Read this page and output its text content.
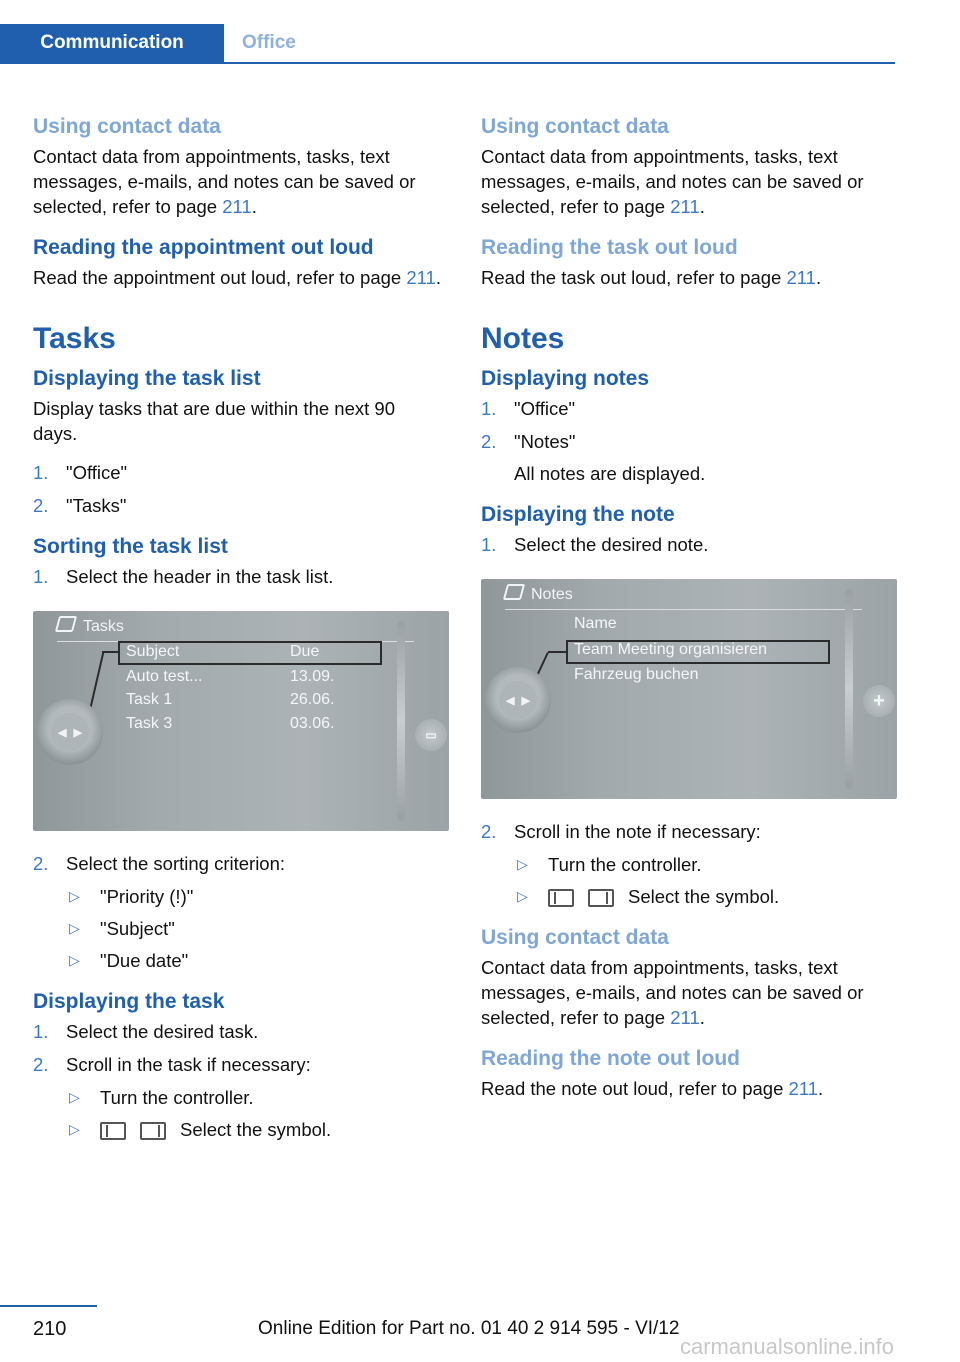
Communication	Office
Using contact data

Contact data from appointments, tasks, text messages, e-mails, and notes can be saved or selected, refer to page 211.

Reading the appointment out loud

Read the appointment out loud, refer to page 211.

Tasks
Displaying the task list

Display tasks that are due within the next 90 days.

1. "Office"
2. "Tasks"
Sorting the task list
1. Select the header in the task list.
Tasks
Subject	Due
Auto test...	13.09.
Task 1	26.06.
Task 3	03.06.
◀ ▶	▭
2. Select the sorting criterion:
▷ "Priority (!)"
▷ "Subject"
▷ "Due date"
Displaying the task
1. Select the desired task.
2. Scroll in the task if necessary:
▷ Turn the controller.
▷	Select the symbol.
Using contact data

Contact data from appointments, tasks, text messages, e-mails, and notes can be saved or selected, refer to page 211.

Reading the task out loud

Read the task out loud, refer to page 211.

Notes
Displaying notes
1. "Office"
2. "Notes"
All notes are displayed.
Displaying the note
1. Select the desired note.
Notes
Name
Team Meeting organisieren
Fahrzeug buchen
◀ ▶	+
2. Scroll in the note if necessary:
▷ Turn the controller.
▷	Select the symbol.
Using contact data

Contact data from appointments, tasks, text messages, e-mails, and notes can be saved or selected, refer to page 211.

Reading the note out loud

Read the note out loud, refer to page 211.

210	Online Edition for Part no. 01 40 2 914 595 - VI/12
carmanualsonline.info
